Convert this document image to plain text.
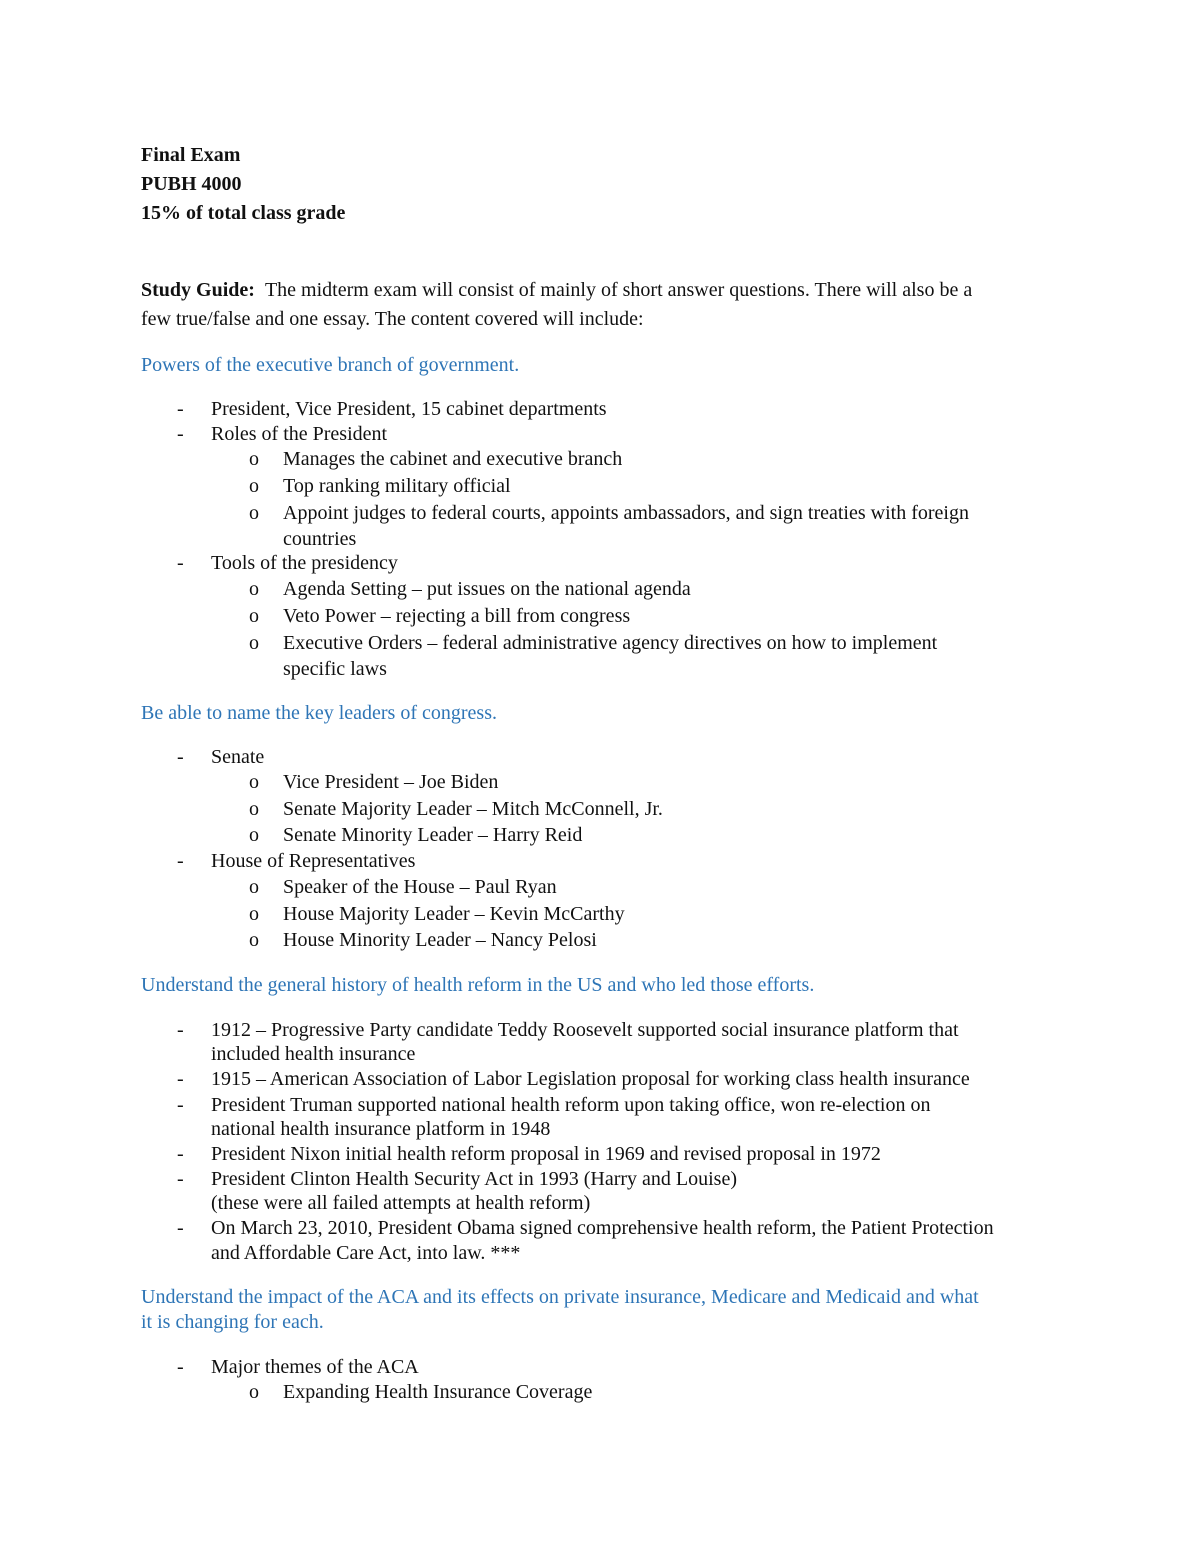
Final Exam
PUBH 4000
15% of total class grade
Study Guide: The midterm exam will consist of mainly of short answer questions. There will also be a
few true/false and one essay. The content covered will include:
Powers of the executive branch of government.
- President, Vice President, 15 cabinet departments
- Roles of the President
o Manages the cabinet and executive branch
o Top ranking military official
o Appoint judges to federal courts, appoints ambassadors, and sign treaties with foreign
countries
- Tools of the presidency
o Agenda Setting – put issues on the national agenda
o Veto Power – rejecting a bill from congress
o Executive Orders – federal administrative agency directives on how to implement
specific laws
Be able to name the key leaders of congress.
- Senate
o Vice President – Joe Biden
o Senate Majority Leader – Mitch McConnell, Jr.
o Senate Minority Leader – Harry Reid
- House of Representatives
o Speaker of the House – Paul Ryan
o House Majority Leader – Kevin McCarthy
o House Minority Leader – Nancy Pelosi
Understand the general history of health reform in the US and who led those efforts.
- 1912 – Progressive Party candidate Teddy Roosevelt supported social insurance platform that
included health insurance
- 1915 – American Association of Labor Legislation proposal for working class health insurance
- President Truman supported national health reform upon taking office, won re-election on
national health insurance platform in 1948
- President Nixon initial health reform proposal in 1969 and revised proposal in 1972
- President Clinton Health Security Act in 1993 (Harry and Louise)
(these were all failed attempts at health reform)
- On March 23, 2010, President Obama signed comprehensive health reform, the Patient Protection
and Affordable Care Act, into law. ***
Understand the impact of the ACA and its effects on private insurance, Medicare and Medicaid and what
it is changing for each.
- Major themes of the ACA
o Expanding Health Insurance Coverage
